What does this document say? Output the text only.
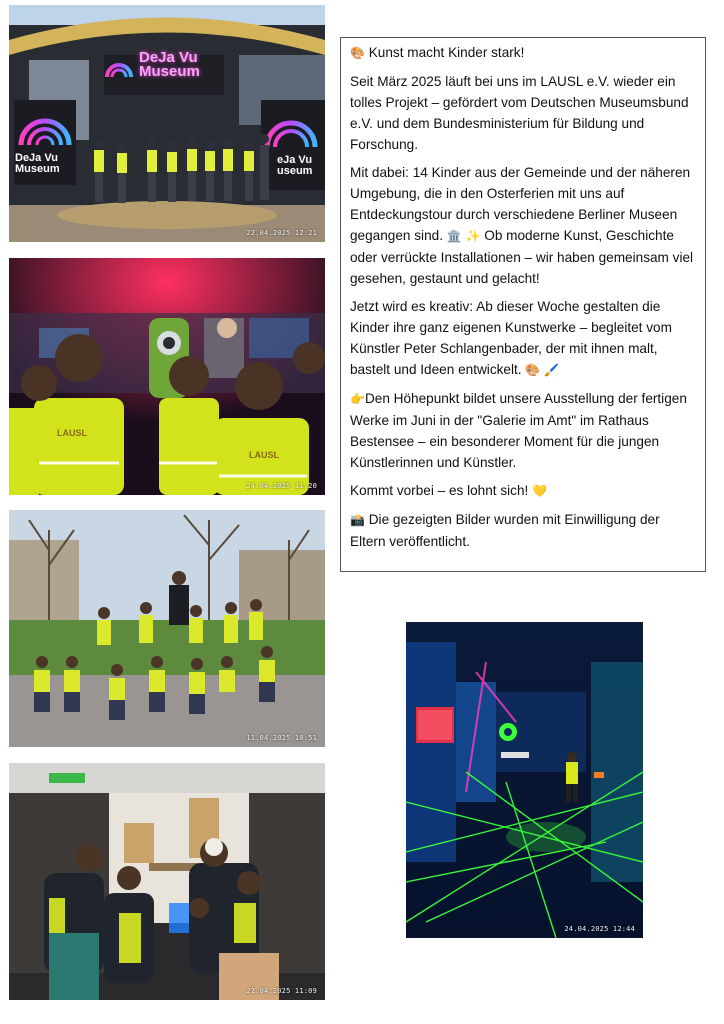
DeJa Vu
Museum
DeJa Vu
Museum
eJa Vu
useum
22.04.2025 12:21
LAUSL
LAUSL
24.04.2025 11:20
11.04.2025 10:51
22.04.2025 11:09
24.04.2025 12:44

🎨 Kunst macht Kinder stark!

Seit März 2025 läuft bei uns im LAUSL e.V. wieder ein tolles Projekt – gefördert vom Deutschen Museumsbund e.V. und dem Bundesministerium für Bildung und Forschung.

Mit dabei: 14 Kinder aus der Gemeinde und der näheren Umgebung, die in den Osterferien mit uns auf Entdeckungstour durch verschiedene Berliner Museen gegangen sind. 🏛️ ✨ Ob moderne Kunst, Geschichte oder verrückte Installationen – wir haben gemeinsam viel gesehen, gestaunt und gelacht!

Jetzt wird es kreativ: Ab dieser Woche gestalten die Kinder ihre ganz eigenen Kunstwerke – begleitet vom Künstler Peter Schlangenbader, der mit ihnen malt, bastelt und Ideen entwickelt. 🎨 🖌️

👉Den Höhepunkt bildet unsere Ausstellung der fertigen Werke im Juni in der "Galerie im Amt" im Rathaus Bestensee – ein besonderer Moment für die jungen Künstlerinnen und Künstler.

Kommt vorbei – es lohnt sich! 💛

📸 Die gezeigten Bilder wurden mit Einwilligung der Eltern veröffentlicht.
